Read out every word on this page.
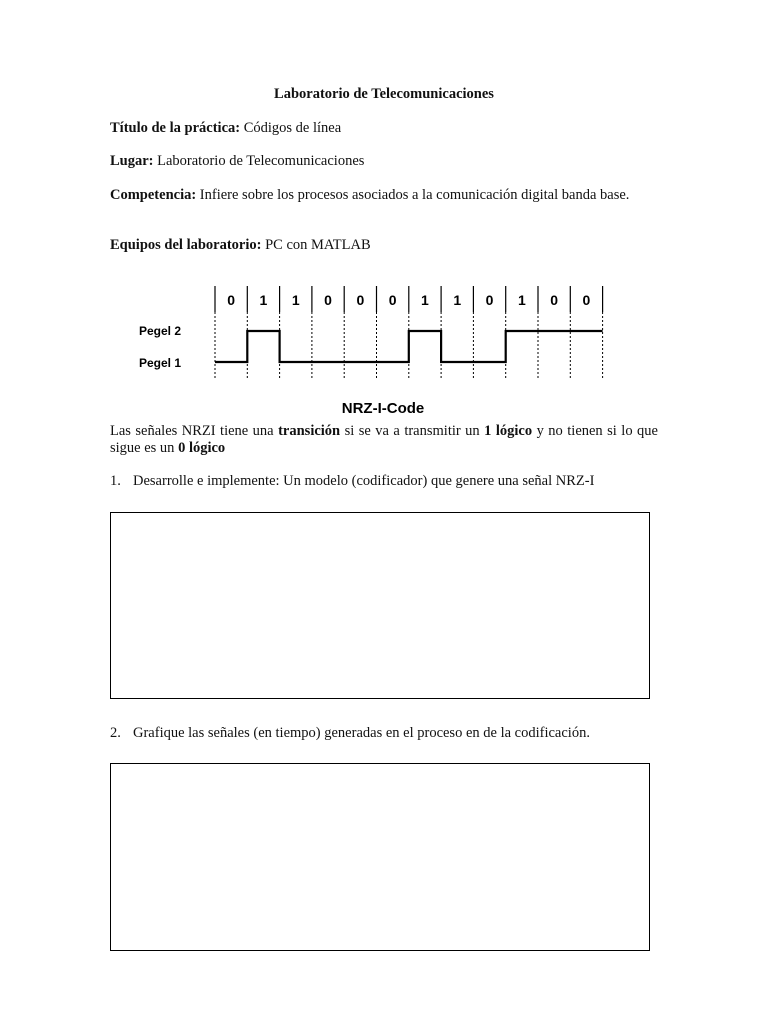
Laboratorio de Telecomunicaciones
Título de la práctica: Códigos de línea
Lugar: Laboratorio de Telecomunicaciones
Competencia: Infiere sobre los procesos asociados a la comunicación digital banda base.
Equipos del laboratorio: PC con MATLAB
0 1 1 0 0 0 1 1 0 1 0 0
Pegel 2
Pegel 1
NRZ-I-Code
Las señales NRZI tiene una transición si se va a transmitir un 1 lógico y no tienen si lo que sigue es un 0 lógico
1. Desarrolle e implemente: Un modelo (codificador) que genere una señal NRZ-I
2. Grafique las señales (en tiempo) generadas en el proceso en de la codificación.
